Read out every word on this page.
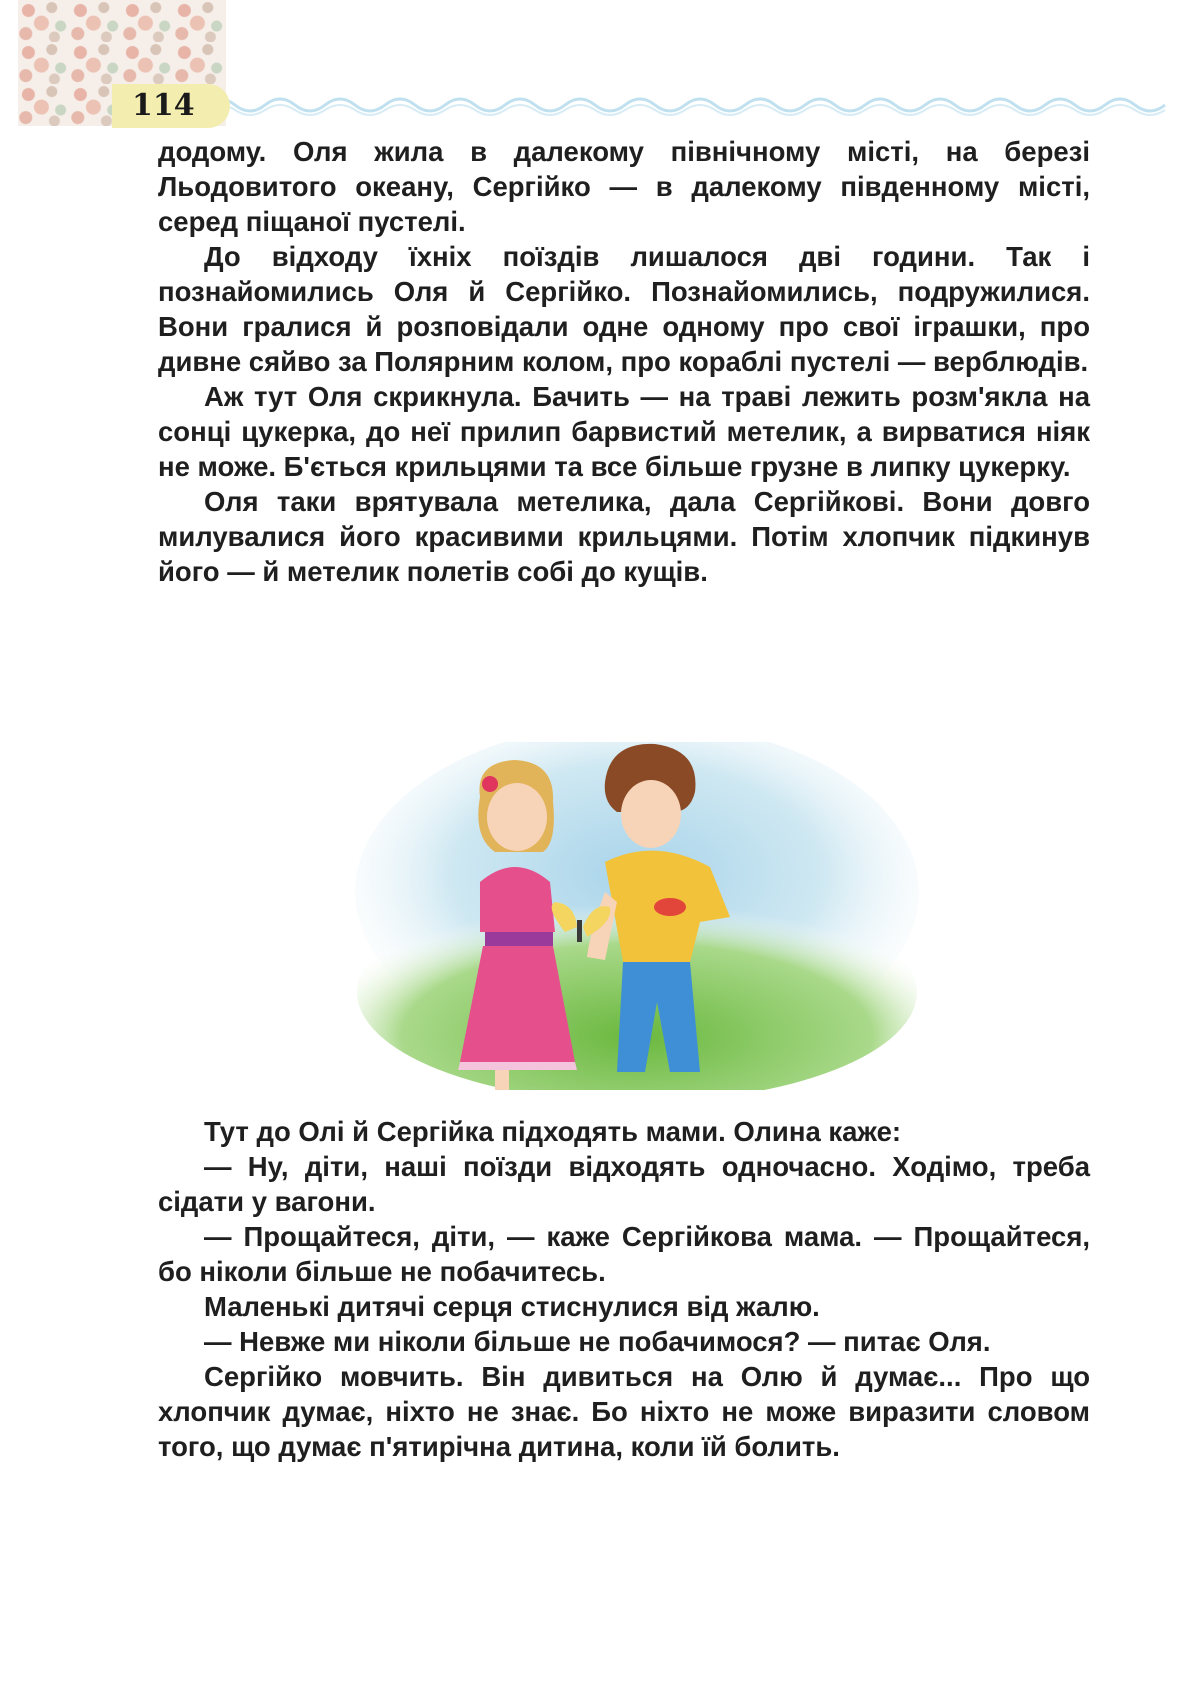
114

додому. Оля жила в далекому північному місті, на березі Льодовитого океану, Сергійко — в далекому південному місті, серед піщаної пустелі.

До відходу їхніх поїздів лишалося дві години. Так і познайомились Оля й Сергійко. Познайомились, подружилися. Вони гралися й розповідали одне одному про свої іграшки, про дивне сяйво за Полярним колом, про кораблі пустелі — верблюдів.

Аж тут Оля скрикнула. Бачить — на траві лежить розм'якла на сонці цукерка, до неї прилип барвистий метелик, а вирватися ніяк не може. Б'ється крильцями та все більше грузне в липку цукерку.

Оля таки врятувала метелика, дала Сергійкові. Вони довго милувалися його красивими крильцями. Потім хлопчик підкинув його — й метелик полетів собі до кущів.

Тут до Олі й Сергійка підходять мами. Олина каже:

— Ну, діти, наші поїзди відходять одночасно. Ходімо, треба сідати у вагони.

— Прощайтеся, діти, — каже Сергійкова мама. — Прощайтеся, бо ніколи більше не побачитесь.

Маленькі дитячі серця стиснулися від жалю.

— Невже ми ніколи більше не побачимося? — питає Оля.

Сергійко мовчить. Він дивиться на Олю й думає... Про що хлопчик думає, ніхто не знає. Бо ніхто не може виразити словом того, що думає п'ятирічна дитина, коли їй болить.
